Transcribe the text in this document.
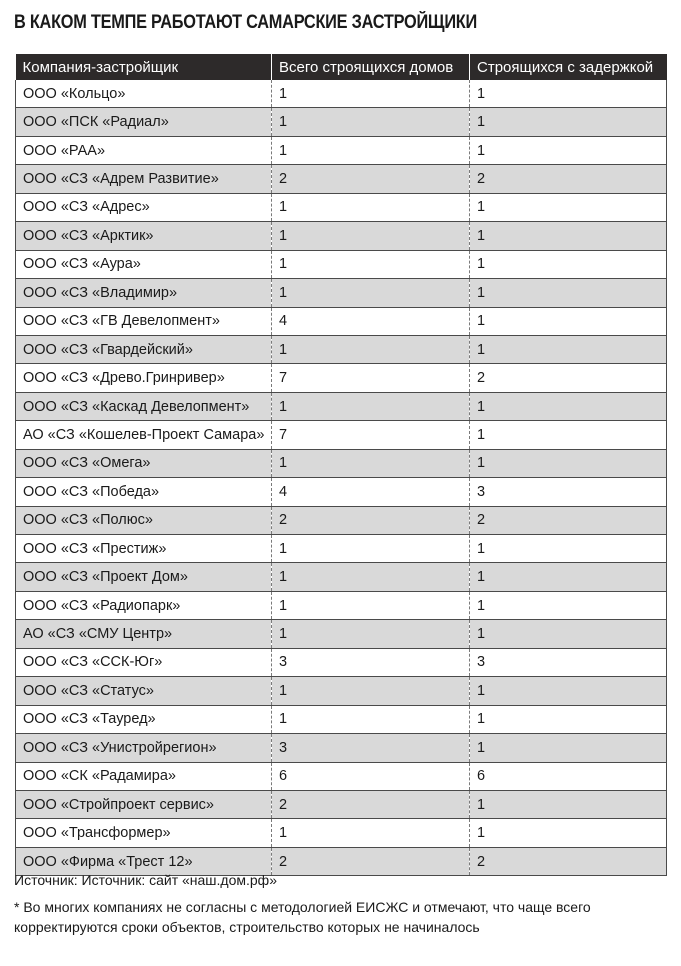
В КАКОМ ТЕМПЕ РАБОТАЮТ САМАРСКИЕ ЗАСТРОЙЩИКИ
Компания-застройщик	Всего строящихся домов	Строящихся с задержкой
ООО «Кольцо»	1	1
ООО «ПСК «Радиал»	1	1
ООО «РАА»	1	1
ООО «СЗ «Адрем Развитие»	2	2
ООО «СЗ «Адрес»	1	1
ООО «СЗ «Арктик»	1	1
ООО «СЗ «Аура»	1	1
ООО «СЗ «Владимир»	1	1
ООО «СЗ «ГВ Девелопмент»	4	1
ООО «СЗ «Гвардейский»	1	1
ООО «СЗ «Древо.Гринривер»	7	2
ООО «СЗ «Каскад Девелопмент»	1	1
АО «СЗ «Кошелев-Проект Самара»	7	1
ООО «СЗ «Омега»	1	1
ООО «СЗ «Победа»	4	3
ООО «СЗ «Полюс»	2	2
ООО «СЗ «Престиж»	1	1
ООО «СЗ «Проект Дом»	1	1
ООО «СЗ «Радиопарк»	1	1
АО «СЗ «СМУ Центр»	1	1
ООО «СЗ «ССК-Юг»	3	3
ООО «СЗ «Статус»	1	1
ООО «СЗ «Тауред»	1	1
ООО «СЗ «Унистройрегион»	3	1
ООО «СК «Радамира»	6	6
ООО «Стройпроект сервис»	2	1
ООО «Трансформер»	1	1
ООО «Фирма «Трест 12»	2	2

Источник: Источник: сайт «наш.дом.рф»

* Во многих компаниях не согласны с методологией ЕИСЖС и отмечают, что чаще всего корректируются сроки объектов, строительство которых не начиналось
